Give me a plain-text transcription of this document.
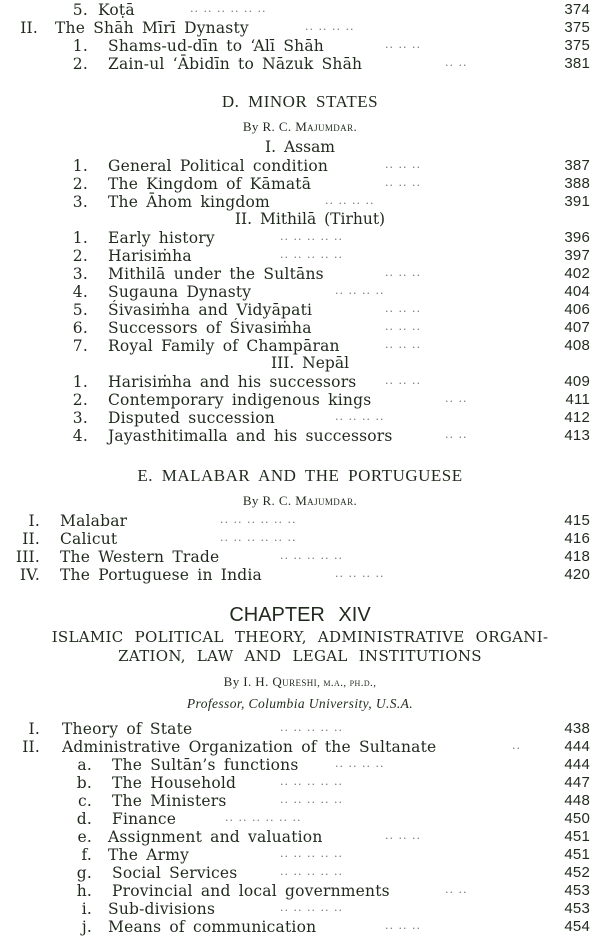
5. Koṭā	.. .. .. .. .. ..	374
II. The Shāh Mīrī Dynasty	.. .. .. ..	375
1. Shams-ud-dīn to ‘Alī Shāh	.. .. ..	375
2. Zain-ul ‘Ābidīn to Nāzuk Shāh	.. ..	381
D. MINOR STATES
By R. C. Majumdar.
I. Assam
1. General Political condition	.. .. ..	387
2. The Kingdom of Kāmatā	.. .. ..	388
3. The Āhom kingdom	.. .. .. ..	391
II. Mithilā (Tirhut)
1. Early history	.. .. .. .. ..	396
2. Harisiṁha	.. .. .. .. ..	397
3. Mithilā under the Sultāns	.. .. ..	402
4. Sugauna Dynasty	.. .. .. ..	404
5. Śivasiṁha and Vidyāpati	.. .. ..	406
6. Successors of Śivasiṁha	.. .. ..	407
7. Royal Family of Champāran	.. .. ..	408
III. Nepāl
1. Harisiṁha and his successors	.. .. ..	409
2. Contemporary indigenous kings	.. ..	411
3. Disputed succession	.. .. .. ..	412
4. Jayasthitimalla and his successors	.. ..	413
E. MALABAR AND THE PORTUGUESE
By R. C. Majumdar.
I. Malabar	.. .. .. .. .. ..	415
II. Calicut	.. .. .. .. .. ..	416
III. The Western Trade	.. .. .. .. ..	418
IV. The Portuguese in India	.. .. .. ..	420
CHAPTER XIV
ISLAMIC POLITICAL THEORY, ADMINISTRATIVE ORGANI-
ZATION, LAW AND LEGAL INSTITUTIONS
By I. H. Qureshi, m.a., ph.d.,
Professor, Columbia University, U.S.A.
I. Theory of State	.. .. .. .. ..	438
II. Administrative Organization of the Sultanate	..	444
a. The Sultān’s functions	.. .. .. ..	444
b. The Household	.. .. .. .. ..	447
c. The Ministers	.. .. .. .. ..	448
d. Finance	.. .. .. .. .. ..	450
e. Assignment and valuation	.. .. ..	451
f. The Army	.. .. .. .. ..	451
g. Social Services	.. .. .. .. ..	452
h. Provincial and local governments	.. ..	453
i. Sub-divisions	.. .. .. .. ..	453
j. Means of communication	.. .. ..	454
